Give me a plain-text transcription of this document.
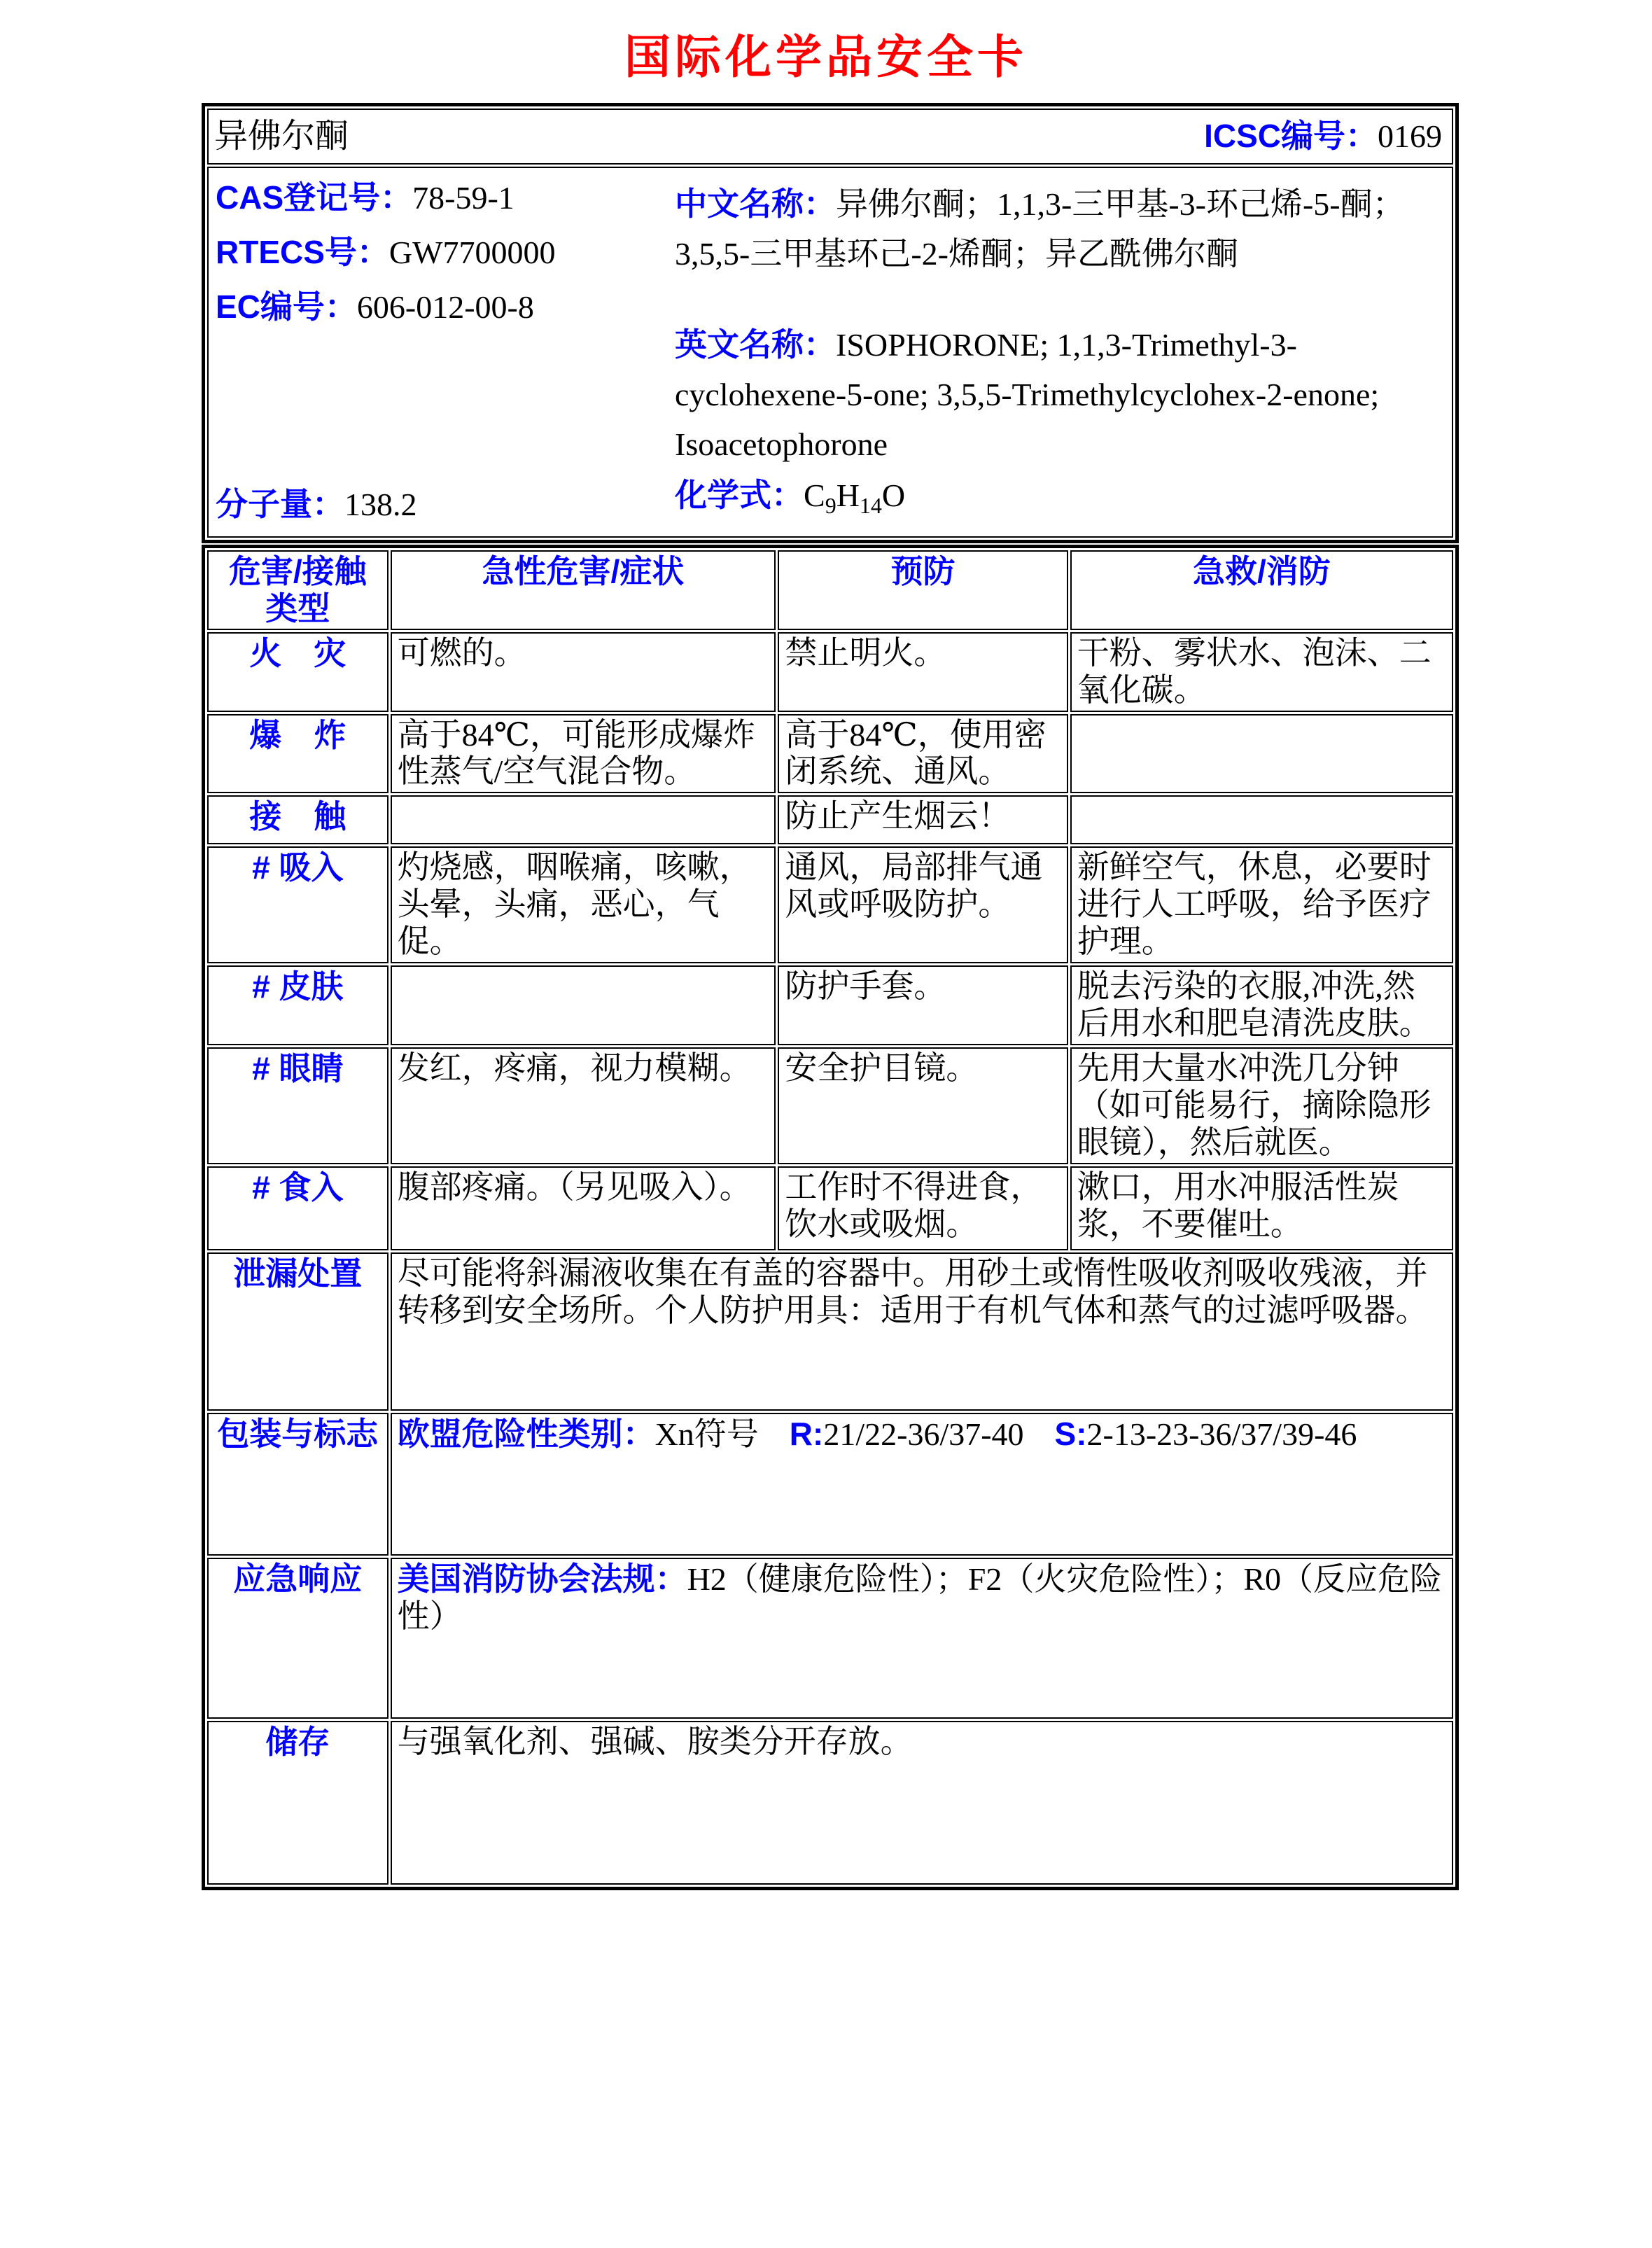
国际化学品安全卡
异佛尔酮	ICSC编号：0169

CAS登记号：78-59-1
RTECS号：GW7700000
EC编号：606-012-00-8
分子量：138.2

中文名称：异佛尔酮；1,1,3-三甲基-3-环己烯-5-酮；3,5,5-三甲基环己-2-烯酮；异乙酰佛尔酮

英文名称：ISOPHORONE; 1,1,3-Trimethyl-3-cyclohexene-5-one; 3,5,5-Trimethylcyclohex-2-enone; Isoacetophorone

化学式：$C_9H_{14}O$

危害/接触类型	急性危害/症状	预防	急救/消防
火　灾	可燃的。	禁止明火。	干粉、雾状水、泡沫、二氧化碳。
爆　炸	高于84℃，可能形成爆炸性蒸气/空气混合物。	高于84℃，使用密闭系统、通风。	
接　触		防止产生烟云！	
# 吸入	灼烧感，咽喉痛，咳嗽，头晕，头痛，恶心，气促。	通风，局部排气通风或呼吸防护。	新鲜空气，休息，必要时进行人工呼吸，给予医疗护理。
# 皮肤		防护手套。	脱去污染的衣服,冲洗,然后用水和肥皂清洗皮肤。
# 眼睛	发红，疼痛，视力模糊。	安全护目镜。	先用大量水冲洗几分钟（如可能易行，摘除隐形眼镜），然后就医。
# 食入	腹部疼痛。（另见吸入）。	工作时不得进食，饮水或吸烟。	漱口，用水冲服活性炭浆，不要催吐。
泄漏处置	尽可能将斜漏液收集在有盖的容器中。用砂土或惰性吸收剂吸收残液，并转移到安全场所。个人防护用具：适用于有机气体和蒸气的过滤呼吸器。		
包装与标志	欧盟危险性类别：Xn符号 R:21/22-36/37-40 S:2-13-23-36/37/39-46		
应急响应	美国消防协会法规：H2（健康危险性）；F2（火灾危险性）；R0（反应危险性）		
储存	与强氧化剂、强碱、胺类分开存放。		
